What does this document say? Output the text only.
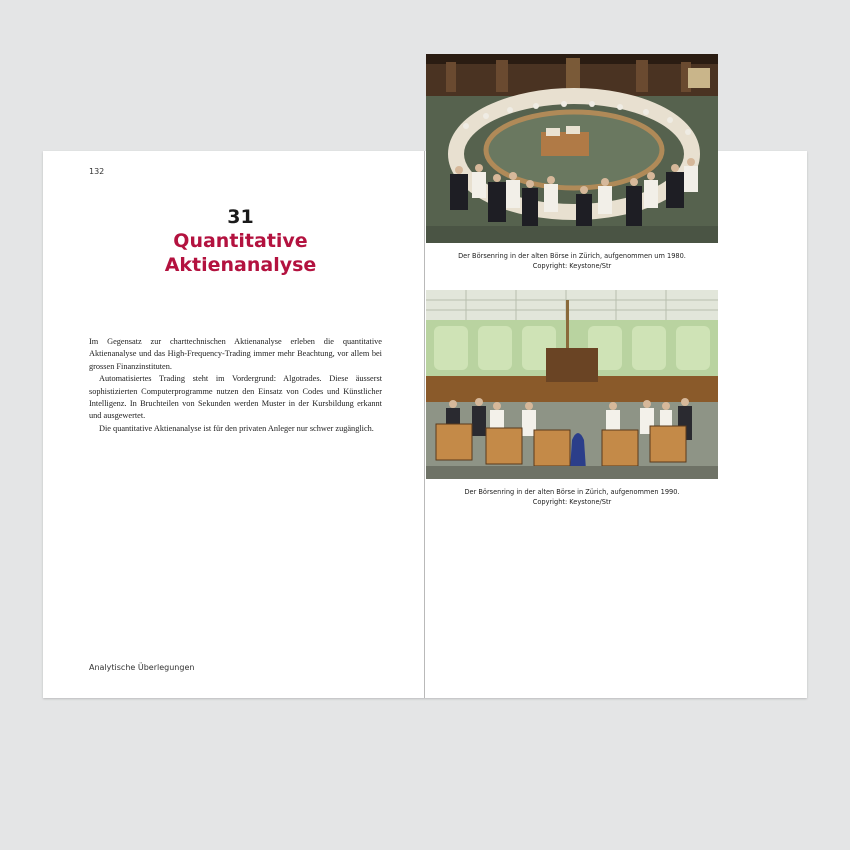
132
31
Quantitative
Aktienanalyse

Im Gegensatz zur charttechnischen Aktienanalyse erleben die quantitative Aktienanalyse und das High-Frequency-Trading immer mehr Beachtung, vor allem bei grossen Finanzinstituten.

Automatisiertes Trading steht im Vordergrund: Algotrades. Diese äusserst sophistizierten Computerprogramme nutzen den Einsatz von Codes und Künstlicher Intelligenz. In Bruchteilen von Sekunden werden Muster in der Kursbildung erkannt und ausgewertet.

Die quantitative Aktienanalyse ist für den privaten Anleger nur schwer zugänglich.

Analytische Überlegungen
Der Börsenring in der alten Börse in Zürich, aufgenommen um 1980.
Copyright: Keystone/Str
Der Börsenring in der alten Börse in Zürich, aufgenommen 1990.
Copyright: Keystone/Str
